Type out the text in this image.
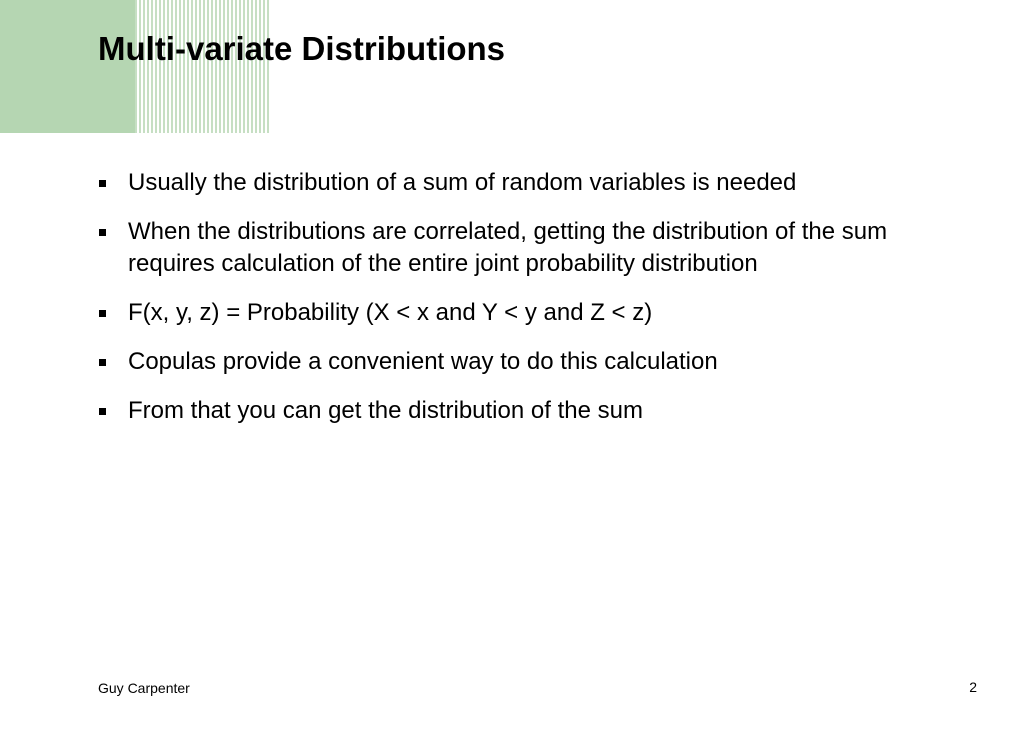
Multi-variate Distributions
Usually the distribution of a sum of random variables is needed
When the distributions are correlated, getting the distribution of the sum requires calculation of the entire joint probability distribution
F(x, y, z) = Probability (X < x and Y < y and Z < z)
Copulas provide a convenient way to do this calculation
From that you can get the distribution of the sum
Guy Carpenter	2
